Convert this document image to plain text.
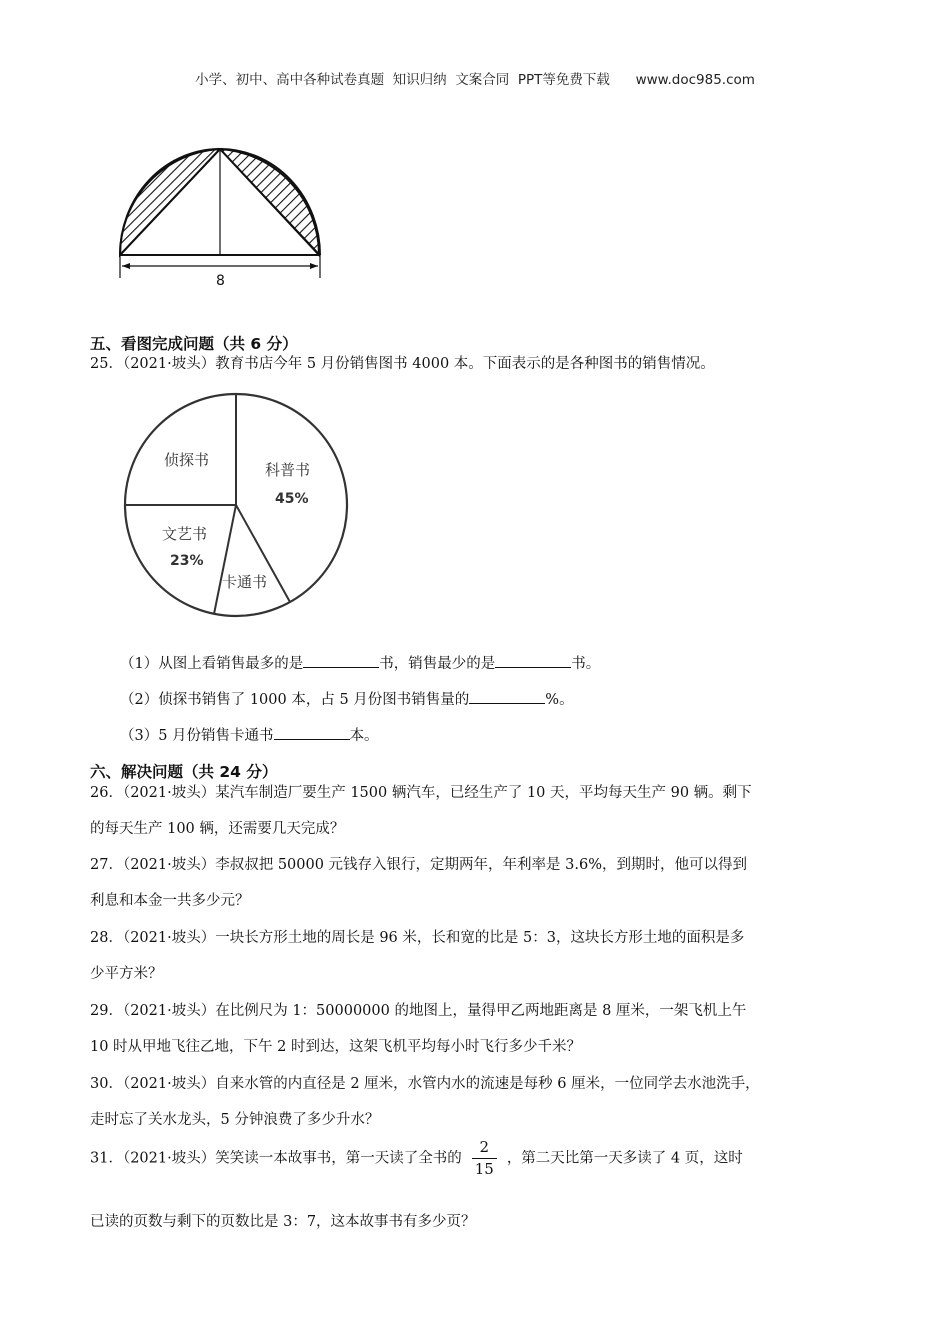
小学、初中、高中各种试卷真题  知识归纳  文案合同  PPT等免费下载      www.doc985.com
8
五、看图完成问题（共 6 分）
25．（2021·坡头）教育书店今年 5 月份销售图书 4000 本。下面表示的是各种图书的销售情况。
科普书
45%
卡通书
文艺书
23%
侦探书
（1）从图上看销售最多的是	书，销售最少的是	书。
（2）侦探书销售了 1000 本，占 5 月份图书销售量的	%。
（3）5 月份销售卡通书	本。
六、解决问题（共 24 分）
26．（2021·坡头）某汽车制造厂要生产 1500 辆汽车，已经生产了 10 天，平均每天生产 90 辆。剩下
的每天生产 100 辆，还需要几天完成？
27．（2021·坡头）李叔叔把 50000 元钱存入银行，定期两年，年利率是 3.6%，到期时，他可以得到
利息和本金一共多少元？
28．（2021·坡头）一块长方形土地的周长是 96 米，长和宽的比是 5：3，这块长方形土地的面积是多
少平方米？
29．（2021·坡头）在比例尺为 1：50000000 的地图上，量得甲乙两地距离是 8 厘米，一架飞机上午
10 时从甲地飞往乙地，下午 2 时到达，这架飞机平均每小时飞行多少千米？
30．（2021·坡头）自来水管的内直径是 2 厘米，水管内水的流速是每秒 6 厘米，一位同学去水池洗手，
走时忘了关水龙头，5 分钟浪费了多少升水？
31．（2021·坡头）笑笑读一本故事书，第一天读了全书的 $\frac{2}{15}$ ，第二天比第一天多读了 4 页，这时
已读的页数与剩下的页数比是 3：7，这本故事书有多少页？
